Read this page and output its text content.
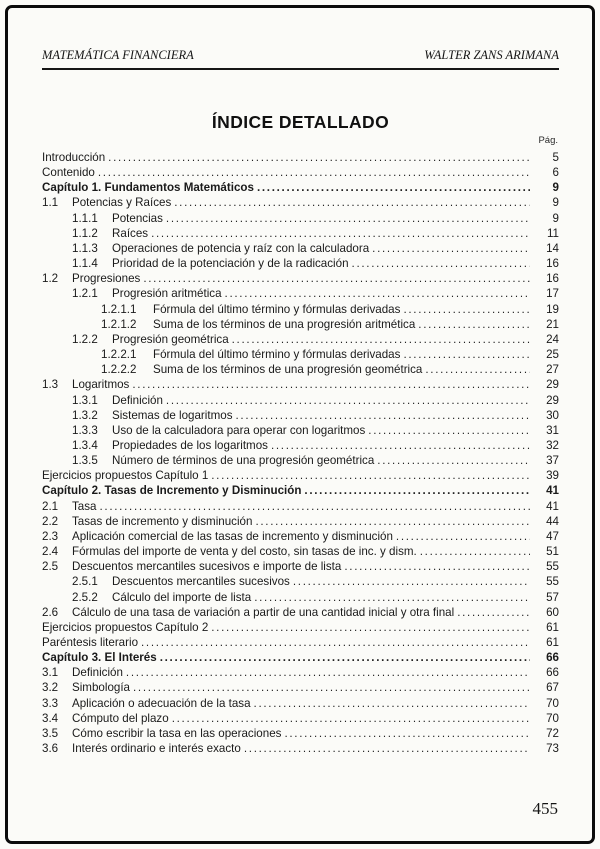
MATEMÁTICA FINANCIERA	WALTER ZANS ARIMANA
ÍNDICE DETALLADO
Pág.
Introducción .....	5
Contenido .....	6
Capítulo 1. Fundamentos Matemáticos .....	9
1.1	Potencias y Raíces .....	9
1.1.1	Potencias .....	9
1.1.2	Raíces .....	11
1.1.3	Operaciones de potencia y raíz con la calculadora .....	14
1.1.4	Prioridad de la potenciación y de la radicación .....	16
1.2	Progresiones .....	16
1.2.1	Progresión aritmética .....	17
1.2.1.1	Fórmula del último término y fórmulas derivadas .....	19
1.2.1.2	Suma de los términos de una progresión aritmética .....	21
1.2.2	Progresión geométrica .....	24
1.2.2.1	Fórmula del último término y fórmulas derivadas .....	25
1.2.2.2	Suma de los términos de una progresión geométrica .....	27
1.3	Logaritmos .....	29
1.3.1	Definición .....	29
1.3.2	Sistemas de logaritmos .....	30
1.3.3	Uso de la calculadora para operar con logaritmos .....	31
1.3.4	Propiedades de los logaritmos .....	32
1.3.5	Número de términos de una progresión geométrica .....	37
Ejercicios propuestos Capítulo 1 .....	39
Capítulo 2. Tasas de Incremento y Disminución .....	41
2.1	Tasa .....	41
2.2	Tasas de incremento y disminución .....	44
2.3	Aplicación comercial de las tasas de incremento y disminución .....	47
2.4	Fórmulas del importe de venta y del costo, sin tasas de inc. y dism. .....	51
2.5	Descuentos mercantiles sucesivos e importe de lista .....	55
2.5.1	Descuentos mercantiles sucesivos .....	55
2.5.2	Cálculo del importe de lista .....	57
2.6	Cálculo de una tasa de variación a partir de una cantidad inicial y otra final .....	60
Ejercicios propuestos Capítulo 2 .....	61
Paréntesis literario .....	61
Capítulo 3. El Interés .....	66
3.1	Definición .....	66
3.2	Simbología .....	67
3.3	Aplicación o adecuación de la tasa .....	70
3.4	Cómputo del plazo .....	70
3.5	Cómo escribir la tasa en las operaciones .....	72
3.6	Interés ordinario e interés exacto .....	73
455
